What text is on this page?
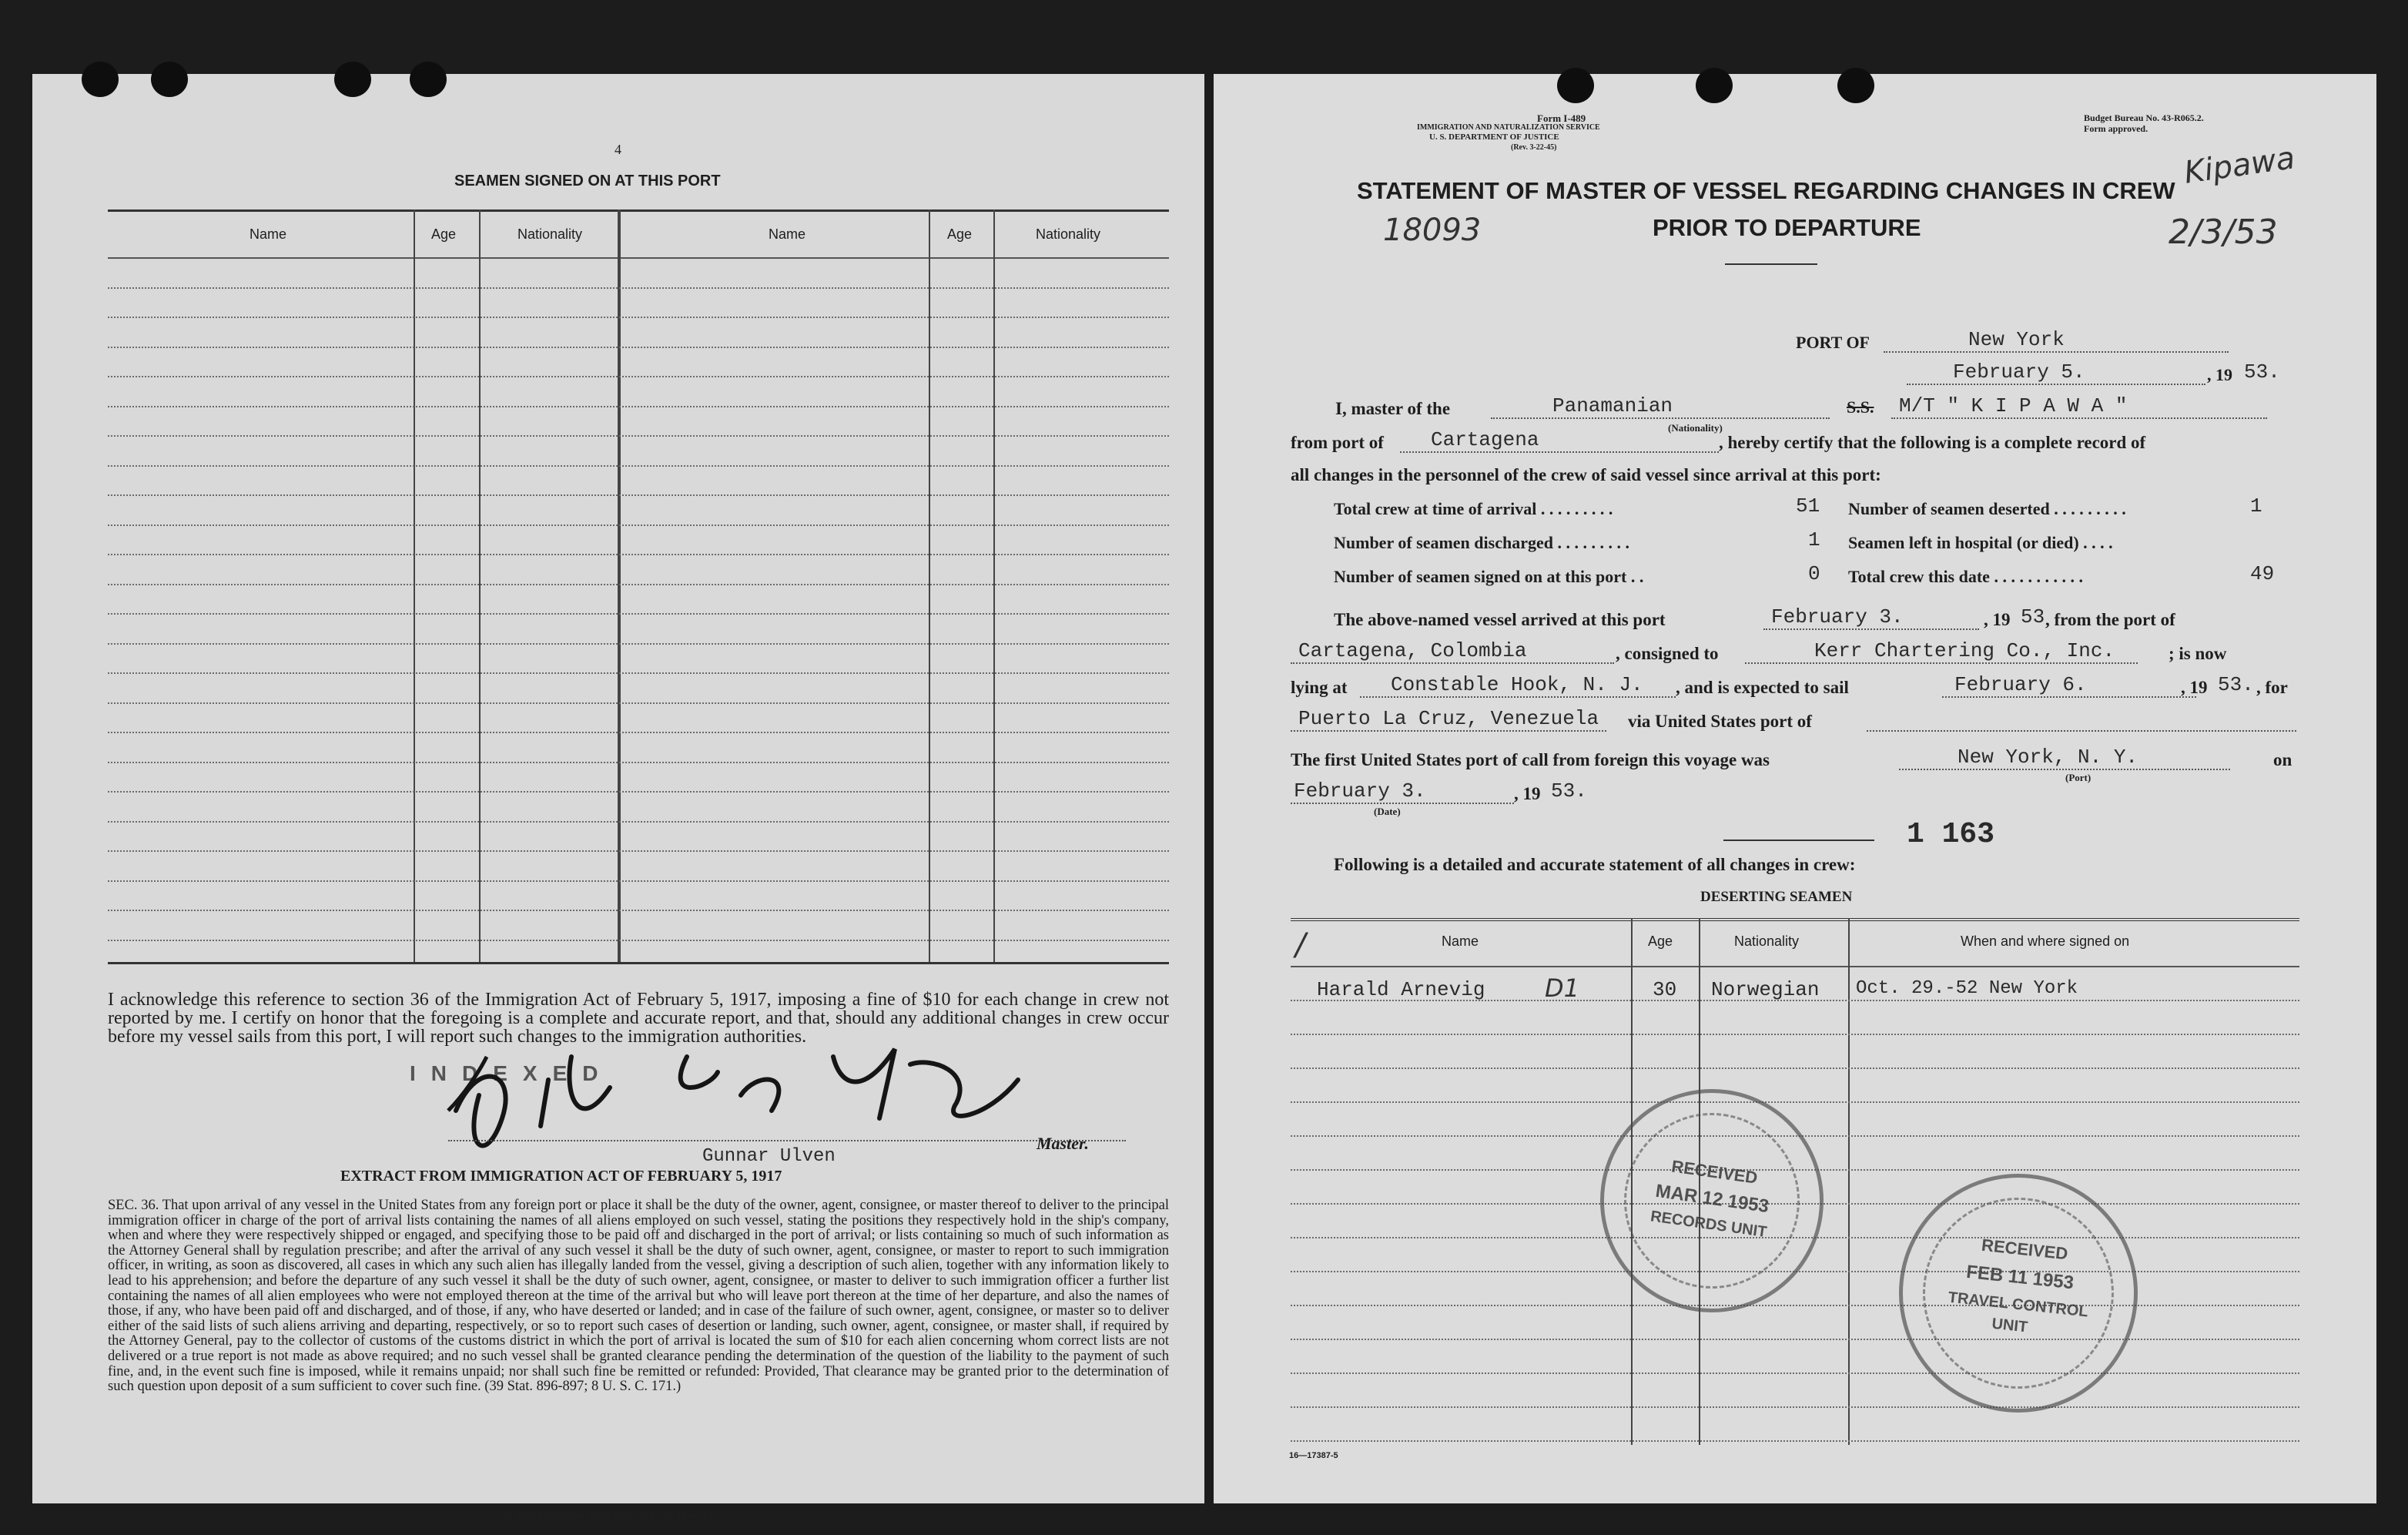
4
SEAMEN SIGNED ON AT THIS PORT
Name	Age	Nationality	Name	Age	Nationality
I acknowledge this reference to section 36 of the Immigration Act of February 5, 1917, imposing a fine of $10 for each change in crew not reported by me. I certify on honor that the foregoing is a complete and accurate report, and that, should any additional changes in crew occur before my vessel sails from this port, I will report such changes to the immigration authorities.
INDEXED
Gunnar Ulven
Master.
EXTRACT FROM IMMIGRATION ACT OF FEBRUARY 5, 1917
SEC. 36. That upon arrival of any vessel in the United States from any foreign port or place it shall be the duty of the owner, agent, consignee, or master thereof to deliver to the principal immigration officer in charge of the port of arrival lists containing the names of all aliens employed on such vessel, stating the positions they respectively hold in the ship's company, when and where they were respectively shipped or engaged, and specifying those to be paid off and discharged in the port of arrival; or lists containing so much of such information as the Attorney General shall by regulation prescribe; and after the arrival of any such vessel it shall be the duty of such owner, agent, consignee, or master to report to such immigration officer, in writing, as soon as discovered, all cases in which any such alien has illegally landed from the vessel, giving a description of such alien, together with any information likely to lead to his apprehension; and before the departure of any such vessel it shall be the duty of such owner, agent, consignee, or master to deliver to such immigration officer a further list containing the names of all alien employees who were not employed thereon at the time of the arrival but who will leave port thereon at the time of her departure, and also the names of those, if any, who have been paid off and discharged, and of those, if any, who have deserted or landed; and in case of the failure of such owner, agent, consignee, or master so to deliver either of the said lists of such aliens arriving and departing, respectively, or so to report such cases of desertion or landing, such owner, agent, consignee, or master shall, if required by the Attorney General, pay to the collector of customs of the customs district in which the port of arrival is located the sum of $10 for each alien concerning whom correct lists are not delivered or a true report is not made as above required; and no such vessel shall be granted clearance pending the determination of the question of the liability to the payment of such fine, and, in the event such fine is imposed, while it remains unpaid; nor shall such fine be remitted or refunded: Provided, That clearance may be granted prior to the determination of such question upon deposit of a sum sufficient to cover such fine. (39 Stat. 896-897; 8 U. S. C. 171.)
U. S. GOVERNMENT PRINTING OFFICE 16—17387-1
Form I-489
IMMIGRATION AND NATURALIZATION SERVICE
U. S. DEPARTMENT OF JUSTICE
(Rev. 3-22-45)
Budget Bureau No. 43-R065.2.
Form approved.
Kipawa
18093	2/3/53
STATEMENT OF MASTER OF VESSEL REGARDING CHANGES IN CREW
PRIOR TO DEPARTURE
PORT OF	New York
February 5.	, 19 53.
I, master of the	Panamanian
(Nationality)
S.S. M/T " K I P A W A "
from port of Cartagena	, hereby certify that the following is a complete record of
all changes in the personnel of the crew of said vessel since arrival at this port:
Total crew at time of arrival . . . . . . . . .	51 Number of seamen deserted . . . . . . . . .	1
Number of seamen discharged . . . . . . . . .	1 Seamen left in hospital (or died) . . . .
Number of seamen signed on at this port . .	0 Total crew this date . . . . . . . . . . .	49
The above-named vessel arrived at this port	February 3.	, 19 53 , from the port of
Cartagena, Colombia	, consigned to	Kerr Chartering Co., Inc.	; is now
lying at Constable Hook, N. J. , and is expected to sail	February 6.	, 19 53. , for
Puerto La Cruz, Venezuela via United States port of
The first United States port of call from foreign this voyage was	New York, N. Y.
(Port)
on
February 3.
(Date)
, 19 53.
Following is a detailed and accurate statement of all changes in crew:
1 163
DESERTING SEAMEN
Name	Age	Nationality	When and where signed on
/
Harald Arnevig D1	30 Norwegian Oct. 29.-52 New York
RECEIVED
MAR 12 1953
RECORDS UNIT
RECEIVED
FEB 11 1953
TRAVEL CONTROL
UNIT
16—17387-5
